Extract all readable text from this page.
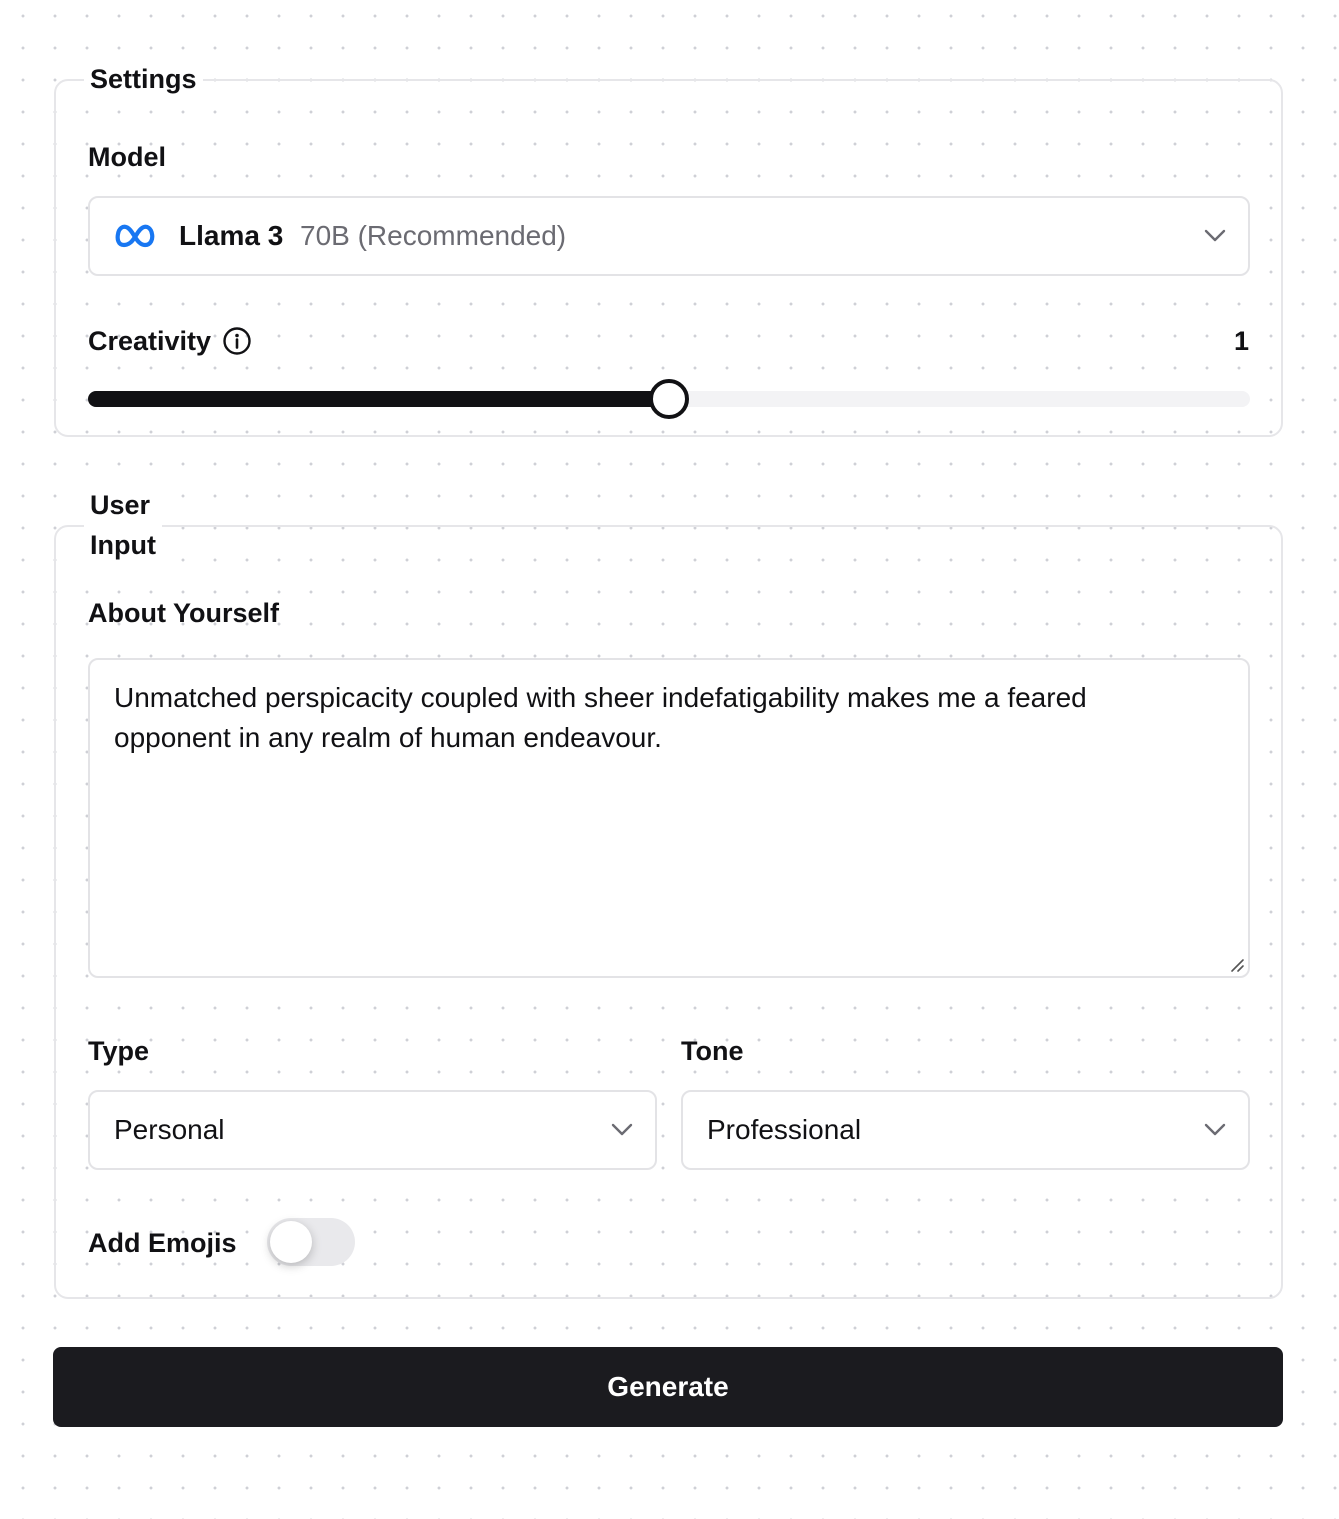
Settings
Model
Llama 3 70B (Recommended)
Creativity	1
User
Input
About Yourself
Unmatched perspicacity coupled with sheer indefatigability makes me a feared opponent in any realm of human endeavour.
Type
Personal
Tone
Professional
Add Emojis
Generate
